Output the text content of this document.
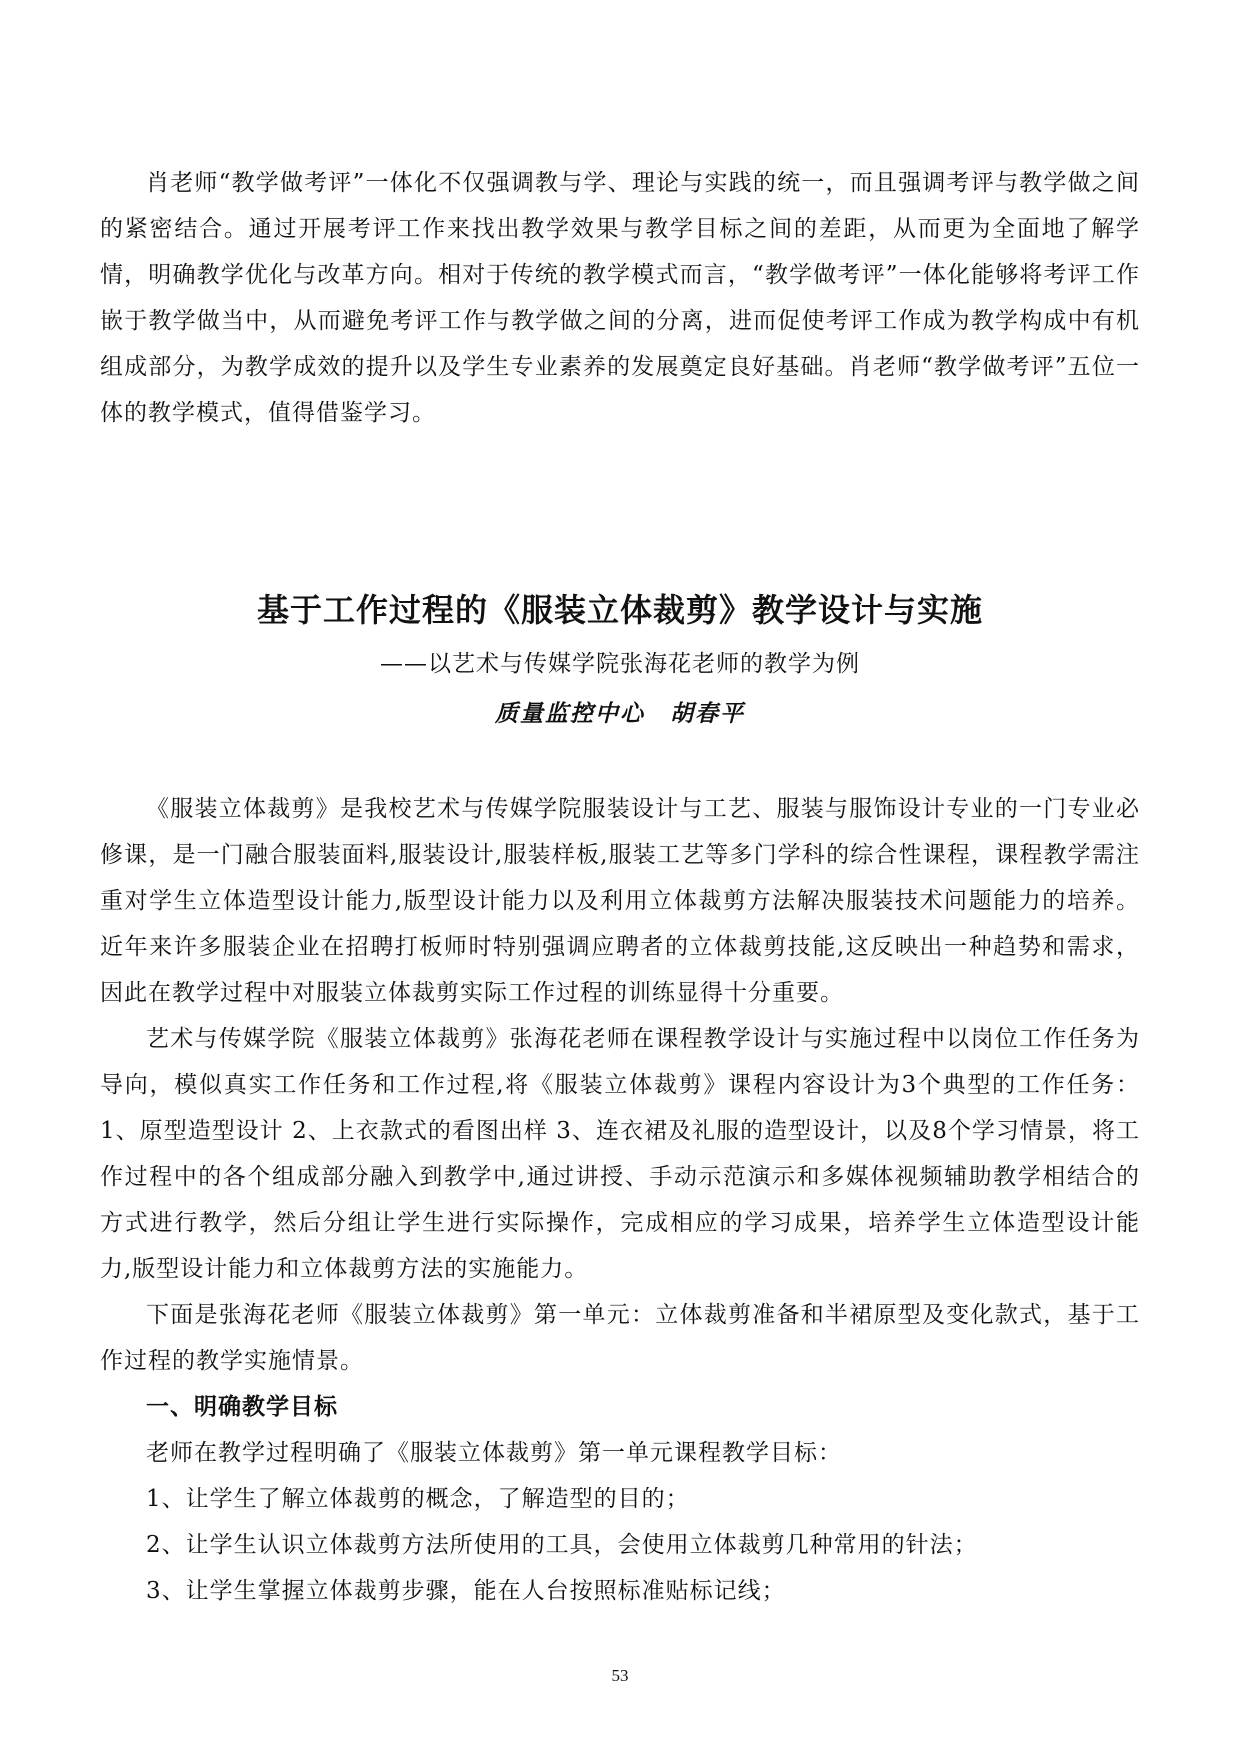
肖老师“教学做考评”一体化不仅强调教与学、理论与实践的统一，而且强调考评与教学做之间的紧密结合。通过开展考评工作来找出教学效果与教学目标之间的差距，从而更为全面地了解学情，明确教学优化与改革方向。相对于传统的教学模式而言，“教学做考评”一体化能够将考评工作嵌于教学做当中，从而避免考评工作与教学做之间的分离，进而促使考评工作成为教学构成中有机组成部分，为教学成效的提升以及学生专业素养的发展奠定良好基础。肖老师“教学做考评”五位一体的教学模式，值得借鉴学习。

基于工作过程的《服装立体裁剪》教学设计与实施
——以艺术与传媒学院张海花老师的教学为例
质量监控中心　胡春平

《服装立体裁剪》是我校艺术与传媒学院服装设计与工艺、服装与服饰设计专业的一门专业必修课，是一门融合服装面料,服装设计,服装样板,服装工艺等多门学科的综合性课程，课程教学需注重对学生立体造型设计能力,版型设计能力以及利用立体裁剪方法解决服装技术问题能力的培养。近年来许多服装企业在招聘打板师时特别强调应聘者的立体裁剪技能,这反映出一种趋势和需求，因此在教学过程中对服装立体裁剪实际工作过程的训练显得十分重要。

艺术与传媒学院《服装立体裁剪》张海花老师在课程教学设计与实施过程中以岗位工作任务为导向，模似真实工作任务和工作过程,将《服装立体裁剪》课程内容设计为3个典型的工作任务：1、原型造型设计 2、上衣款式的看图出样 3、连衣裙及礼服的造型设计，以及8个学习情景，将工作过程中的各个组成部分融入到教学中,通过讲授、手动示范演示和多媒体视频辅助教学相结合的方式进行教学，然后分组让学生进行实际操作，完成相应的学习成果，培养学生立体造型设计能力,版型设计能力和立体裁剪方法的实施能力。

下面是张海花老师《服装立体裁剪》第一单元：立体裁剪准备和半裙原型及变化款式，基于工作过程的教学实施情景。

一、明确教学目标

老师在教学过程明确了《服装立体裁剪》第一单元课程教学目标：

1、让学生了解立体裁剪的概念，了解造型的目的；

2、让学生认识立体裁剪方法所使用的工具，会使用立体裁剪几种常用的针法；

3、让学生掌握立体裁剪步骤，能在人台按照标准贴标记线；

53
